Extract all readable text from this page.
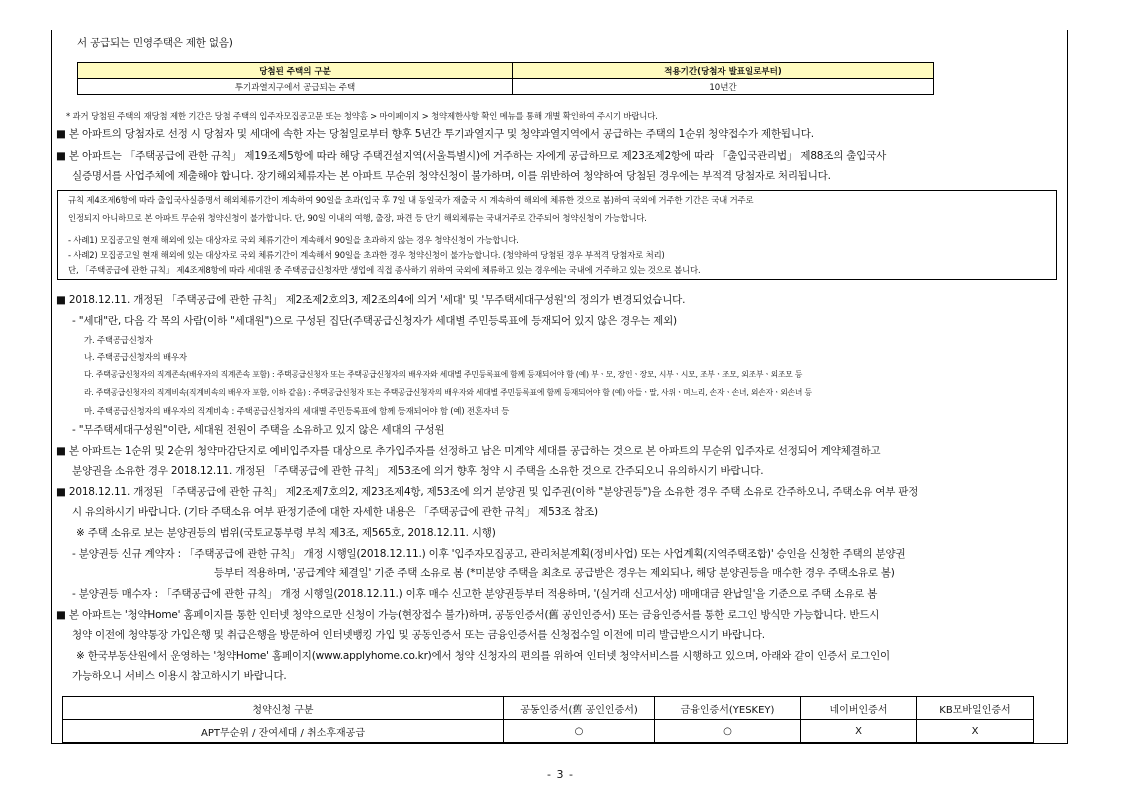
서 공급되는 민영주택은 제한 없음)
당첨된 주택의 구분	적용기간(당첨자 발표일로부터)
투기과열지구에서 공급되는 주택	10년간
* 과거 당첨된 주택의 재당첨 제한 기간은 당첨 주택의 입주자모집공고문 또는 청약홈 > 마이페이지 > 청약제한사항 확인 메뉴를 통해 개별 확인하여 주시기 바랍니다.
■ 본 아파트의 당첨자로 선정 시 당첨자 및 세대에 속한 자는 당첨일로부터 향후 5년간 투기과열지구 및 청약과열지역에서 공급하는 주택의 1순위 청약접수가 제한됩니다.
■ 본 아파트는 「주택공급에 관한 규칙」 제19조제5항에 따라 해당 주택건설지역(서울특별시)에 거주하는 자에게 공급하므로 제23조제2항에 따라 「출입국관리법」 제88조의 출입국사
실증명서를 사업주체에 제출해야 합니다. 장기해외체류자는 본 아파트 무순위 청약신청이 불가하며, 이를 위반하여 청약하여 당첨된 경우에는 부적격 당첨자로 처리됩니다.
규칙 제4조제6항에 따라 출입국사실증명서 해외체류기간이 계속하여 90일을 초과(입국 후 7일 내 동일국가 재출국 시 계속하여 해외에 체류한 것으로 봄)하여 국외에 거주한 기간은 국내 거주로
인정되지 아니하므로 본 아파트 무순위 청약신청이 불가합니다. 단, 90일 이내의 여행, 출장, 파견 등 단기 해외체류는 국내거주로 간주되어 청약신청이 가능합니다.
- 사례1) 모집공고일 현재 해외에 있는 대상자로 국외 체류기간이 계속해서 90일을 초과하지 않는 경우 청약신청이 가능합니다.
- 사례2) 모집공고일 현재 해외에 있는 대상자로 국외 체류기간이 계속해서 90일을 초과한 경우 청약신청이 불가능합니다. (청약하여 당첨된 경우 부적격 당첨자로 처리)
단, 「주택공급에 관한 규칙」 제4조제8항에 따라 세대원 중 주택공급신청자만 생업에 직접 종사하기 위하여 국외에 체류하고 있는 경우에는 국내에 거주하고 있는 것으로 봅니다.
■ 2018.12.11. 개정된 「주택공급에 관한 규칙」 제2조제2호의3, 제2조의4에 의거 '세대' 및 '무주택세대구성원'의 정의가 변경되었습니다.
- "세대"란, 다음 각 목의 사람(이하 "세대원")으로 구성된 집단(주택공급신청자가 세대별 주민등록표에 등재되어 있지 않은 경우는 제외)
가. 주택공급신청자
나. 주택공급신청자의 배우자
다. 주택공급신청자의 직계존속(배우자의 직계존속 포함) : 주택공급신청자 또는 주택공급신청자의 배우자와 세대별 주민등록표에 함께 등재되어야 함 (예) 부ㆍ모, 장인ㆍ장모, 시부ㆍ시모, 조부ㆍ조모, 외조부ㆍ외조모 등
라. 주택공급신청자의 직계비속(직계비속의 배우자 포함, 이하 같음) : 주택공급신청자 또는 주택공급신청자의 배우자와 세대별 주민등록표에 함께 등재되어야 함 (예) 아들ㆍ딸, 사위ㆍ며느리, 손자ㆍ손녀, 외손자ㆍ외손녀 등
마. 주택공급신청자의 배우자의 직계비속 : 주택공급신청자의 세대별 주민등록표에 함께 등재되어야 함 (예) 전혼자녀 등
- "무주택세대구성원"이란, 세대원 전원이 주택을 소유하고 있지 않은 세대의 구성원
■ 본 아파트는 1순위 및 2순위 청약마감단지로 예비입주자를 대상으로 추가입주자를 선정하고 남은 미계약 세대를 공급하는 것으로 본 아파트의 무순위 입주자로 선정되어 계약체결하고
분양권을 소유한 경우 2018.12.11. 개정된 「주택공급에 관한 규칙」 제53조에 의거 향후 청약 시 주택을 소유한 것으로 간주되오니 유의하시기 바랍니다.
■ 2018.12.11. 개정된 「주택공급에 관한 규칙」 제2조제7호의2, 제23조제4항, 제53조에 의거 분양권 및 입주권(이하 "분양권등")을 소유한 경우 주택 소유로 간주하오니, 주택소유 여부 판정
시 유의하시기 바랍니다. (기타 주택소유 여부 판정기준에 대한 자세한 내용은 「주택공급에 관한 규칙」 제53조 참조)
※ 주택 소유로 보는 분양권등의 범위(국토교통부령 부칙 제3조, 제565호, 2018.12.11. 시행)
- 분양권등 신규 계약자 : 「주택공급에 관한 규칙」 개정 시행일(2018.12.11.) 이후 '입주자모집공고, 관리처분계획(정비사업) 또는 사업계획(지역주택조합)' 승인을 신청한 주택의 분양권
등부터 적용하며, '공급계약 체결일' 기준 주택 소유로 봄 (*미분양 주택을 최초로 공급받은 경우는 제외되나, 해당 분양권등을 매수한 경우 주택소유로 봄)
- 분양권등 매수자 : 「주택공급에 관한 규칙」 개정 시행일(2018.12.11.) 이후 매수 신고한 분양권등부터 적용하며, '(실거래 신고서상) 매매대금 완납일'을 기준으로 주택 소유로 봄
■ 본 아파트는 '청약Home' 홈페이지를 통한 인터넷 청약으로만 신청이 가능(현장접수 불가)하며, 공동인증서(舊 공인인증서) 또는 금융인증서를 통한 로그인 방식만 가능합니다. 반드시
청약 이전에 청약통장 가입은행 및 취급은행을 방문하여 인터넷뱅킹 가입 및 공동인증서 또는 금융인증서를 신청접수일 이전에 미리 발급받으시기 바랍니다.
※ 한국부동산원에서 운영하는 '청약Home' 홈페이지(www.applyhome.co.kr)에서 청약 신청자의 편의를 위하여 인터넷 청약서비스를 시행하고 있으며, 아래와 같이 인증서 로그인이
가능하오니 서비스 이용시 참고하시기 바랍니다.
청약신청 구분	공동인증서(舊 공인인증서)	금융인증서(YESKEY)	네이버인증서	KB모바일인증서
APT무순위 / 잔여세대 / 취소후재공급	○	○	X	X
- 3 -
